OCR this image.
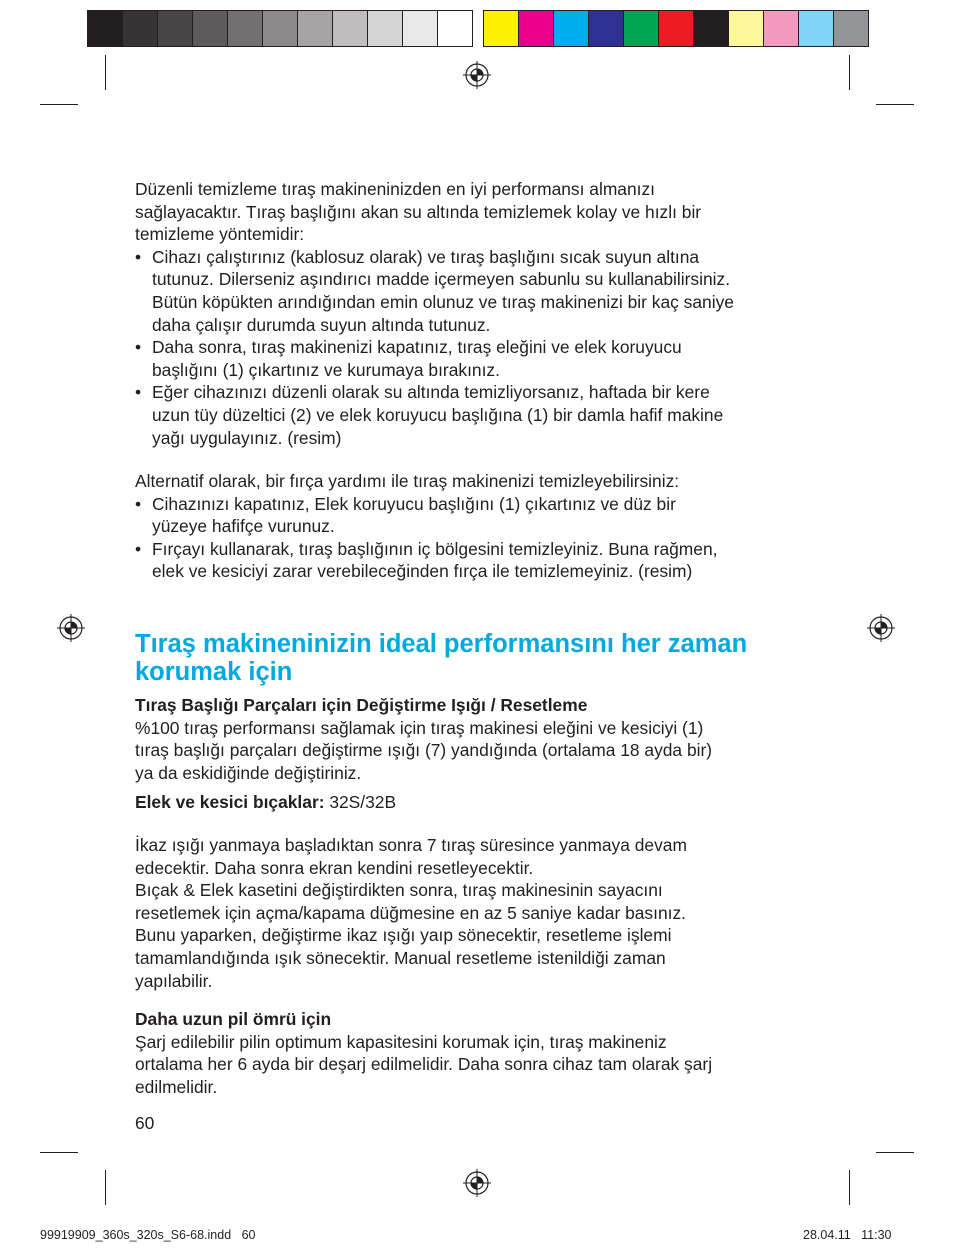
Düzenli temizleme tıraş makineninizden en iyi performansı almanızı

sağlayacaktır. Tıraş başlığını akan su altında temizlemek kolay ve hızlı bir

temizleme yöntemidir:

• Cihazı çalıştırınız (kablosuz olarak) ve tıraş başlığını sıcak suyun altına

tutunuz. Dilerseniz aşındırıcı madde içermeyen sabunlu su kullanabilirsiniz.

Bütün köpükten arındığından emin olunuz ve tıraş makinenizi bir kaç saniye

daha çalışır durumda suyun altında tutunuz.

• Daha sonra, tıraş makinenizi kapatınız, tıraş eleğini ve elek koruyucu

başlığını (1) çıkartınız ve kurumaya bırakınız.

• Eğer cihazınızı düzenli olarak su altında temizliyorsanız, haftada bir kere

uzun tüy düzeltici (2) ve elek koruyucu başlığına (1) bir damla hafif makine

yağı uygulayınız. (resim)

Alternatif olarak, bir fırça yardımı ile tıraş makinenizi temizleyebilirsiniz:

• Cihazınızı kapatınız, Elek koruyucu başlığını (1) çıkartınız ve düz bir

yüzeye hafifçe vurunuz.

• Fırçayı kullanarak, tıraş başlığının iç bölgesini temizleyiniz. Buna rağmen,

elek ve kesiciyi zarar verebileceğinden fırça ile temizlemeyiniz. (resim)

Tıraş makineninizin ideal performansını her zaman
korumak için

Tıraş Başlığı Parçaları için Değiştirme Işığı / Resetleme

%100 tıraş performansı sağlamak için tıraş makinesi eleğini ve kesiciyi (1)

tıraş başlığı parçaları değiştirme ışığı (7) yandığında (ortalama 18 ayda bir)

ya da eskidiğinde değiştiriniz.

Elek ve kesici bıçaklar: 32S/32B

İkaz ışığı yanmaya başladıktan sonra 7 tıraş süresince yanmaya devam

edecektir. Daha sonra ekran kendini resetleyecektir.

Bıçak & Elek kasetini değiştirdikten sonra, tıraş makinesinin sayacını

resetlemek için açma/kapama düğmesine en az 5 saniye kadar basınız.

Bunu yaparken, değiştirme ikaz ışığı yaıp sönecektir, resetleme işlemi

tamamlandığında ışık sönecektir. Manual resetleme istenildiği zaman

yapılabilir.

Daha uzun pil ömrü için

Şarj edilebilir pilin optimum kapasitesini korumak için, tıraş makineniz

ortalama her 6 ayda bir deşarj edilmelidir. Daha sonra cihaz tam olarak şarj

edilmelidir.

60
99919909_360s_320s_S6-68.indd   60	28.04.11   11:30
